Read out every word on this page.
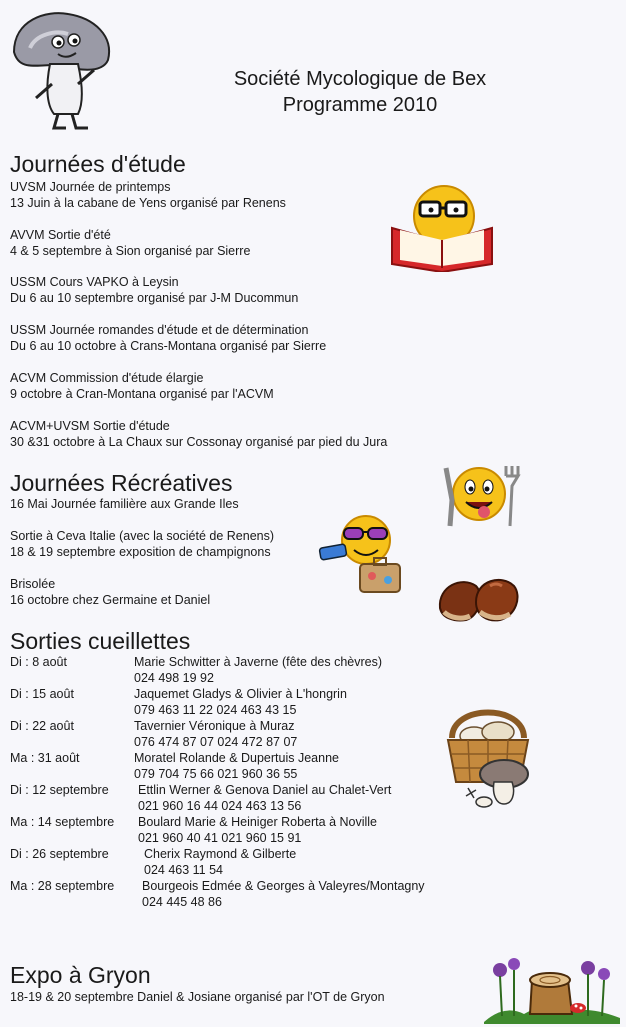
Société Mycologique de Bex
Programme 2010
Journées d'étude
UVSM Journée de printemps
13 Juin à la cabane de Yens organisé par Renens
AVVM Sortie d'été
4 & 5 septembre à Sion organisé par Sierre
USSM Cours VAPKO à Leysin
Du 6 au 10 septembre organisé par J-M Ducommun
USSM Journée romandes d'étude et de détermination
Du 6 au 10 octobre à Crans-Montana organisé par Sierre
ACVM Commission d'étude élargie
9 octobre à Cran-Montana organisé par l'ACVM
ACVM+UVSM Sortie d'étude
30 &31 octobre à La Chaux sur Cossonay organisé par pied du Jura
Journées Récréatives
16 Mai Journée familière aux Grande Iles
Sortie à Ceva Italie (avec la société de Renens)
18 & 19 septembre exposition de champignons
Brisolée
16 octobre chez Germaine et Daniel
Sorties cueillettes
Di : 8 août	Marie Schwitter à Javerne (fête des chèvres)
024 498 19 92
Di : 15 août	Jaquemet Gladys & Olivier à L'hongrin
079 463 11 22 024 463 43 15
Di : 22 août	Tavernier Véronique à Muraz
076 474 87 07 024 472 87 07
Ma : 31 août	Moratel Rolande & Dupertuis Jeanne
079 704 75 66 021 960 36 55
Di : 12 septembre Ettlin Werner & Genova Daniel au Chalet-Vert
021 960 16 44 024 463 13 56
Ma : 14 septembre Boulard Marie & Heiniger Roberta à Noville
021 960 40 41 021 960 15 91
Di : 26 septembre	Cherix Raymond & Gilberte
024 463 11 54
Ma : 28 septembre Bourgeois Edmée & Georges à Valeyres/Montagny
024 445 48 86
Expo à Gryon
18-19 & 20 septembre Daniel & Josiane organisé par l'OT de Gryon
